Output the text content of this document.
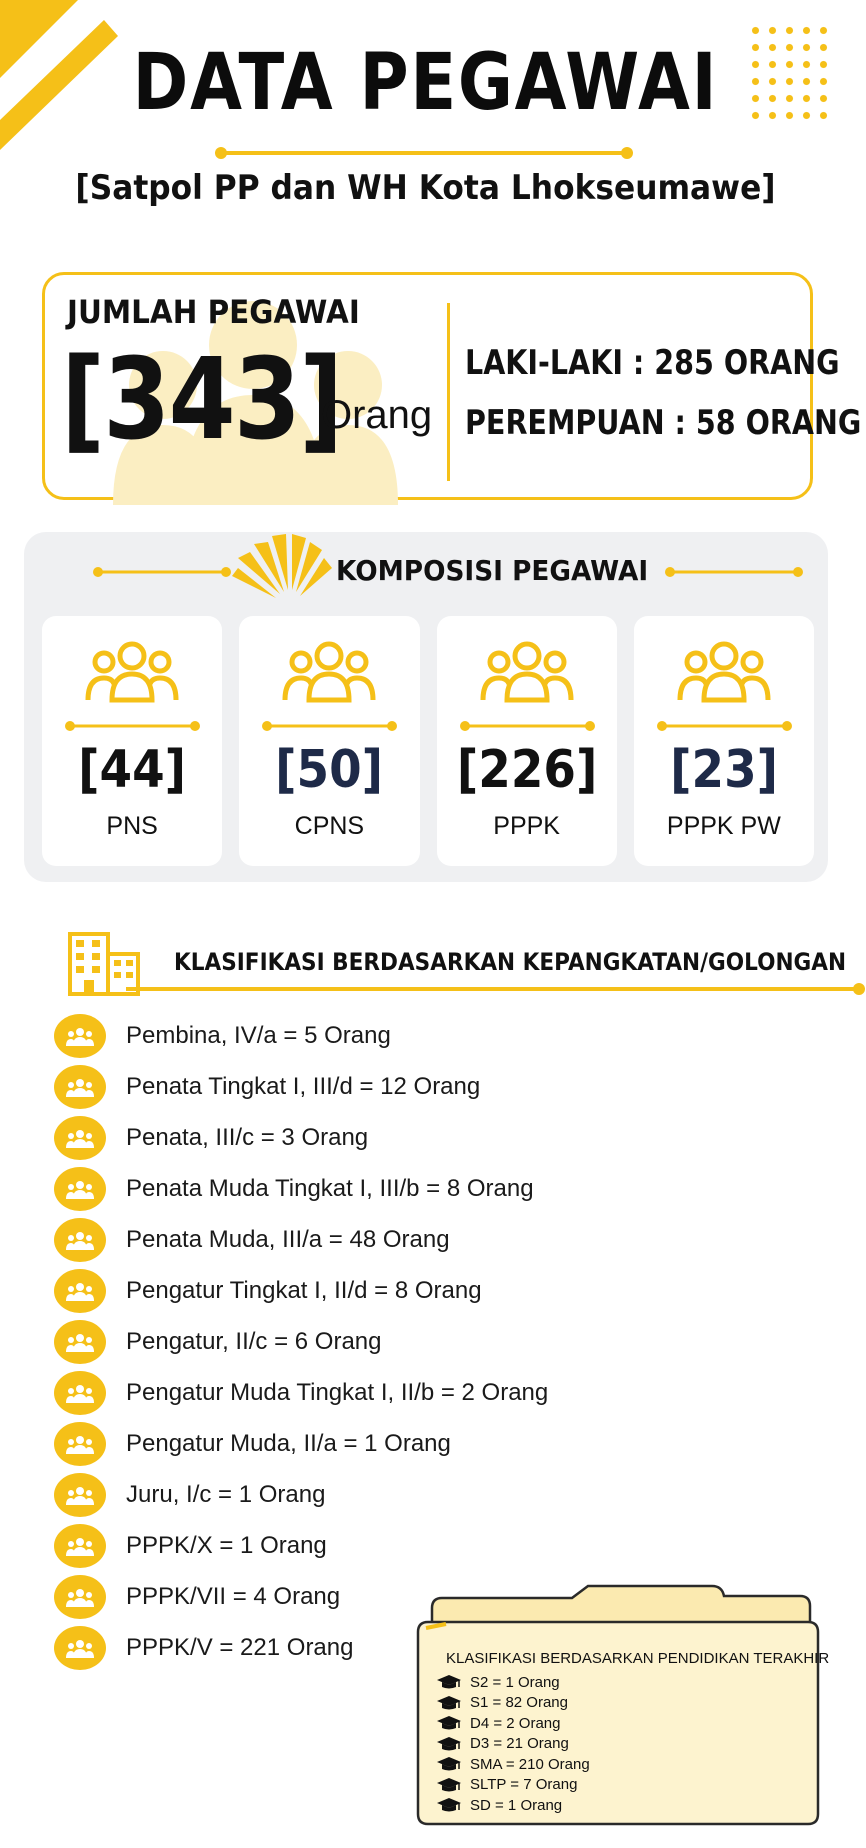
DATA PEGAWAI
[Satpol PP dan WH Kota Lhokseumawe]
JUMLAH PEGAWAI
[343]
Orang
LAKI-LAKI : 285 ORANG
PEREMPUAN : 58 ORANG
KOMPOSISI PEGAWAI
[44]
PNS
[50]
CPNS
[226]
PPPK
[23]
PPPK PW
KLASIFIKASI BERDASARKAN KEPANGKATAN/GOLONGAN
Pembina, IV/a = 5 Orang
Penata Tingkat I, III/d = 12 Orang
Penata, III/c = 3 Orang
Penata Muda Tingkat I, III/b = 8 Orang
Penata Muda, III/a = 48 Orang
Pengatur Tingkat I, II/d = 8 Orang
Pengatur, II/c = 6 Orang
Pengatur Muda Tingkat I, II/b = 2 Orang
Pengatur Muda, II/a = 1 Orang
Juru, I/c = 1 Orang
PPPK/X = 1 Orang
PPPK/VII = 4 Orang
PPPK/V = 221 Orang	KLASIFIKASI BERDASARKAN PENDIDIKAN TERAKHIR
S2 = 1 Orang
S1 = 82 Orang
D4 = 2 Orang
D3 = 21 Orang
SMA = 210 Orang
SLTP = 7 Orang
SD = 1 Orang
